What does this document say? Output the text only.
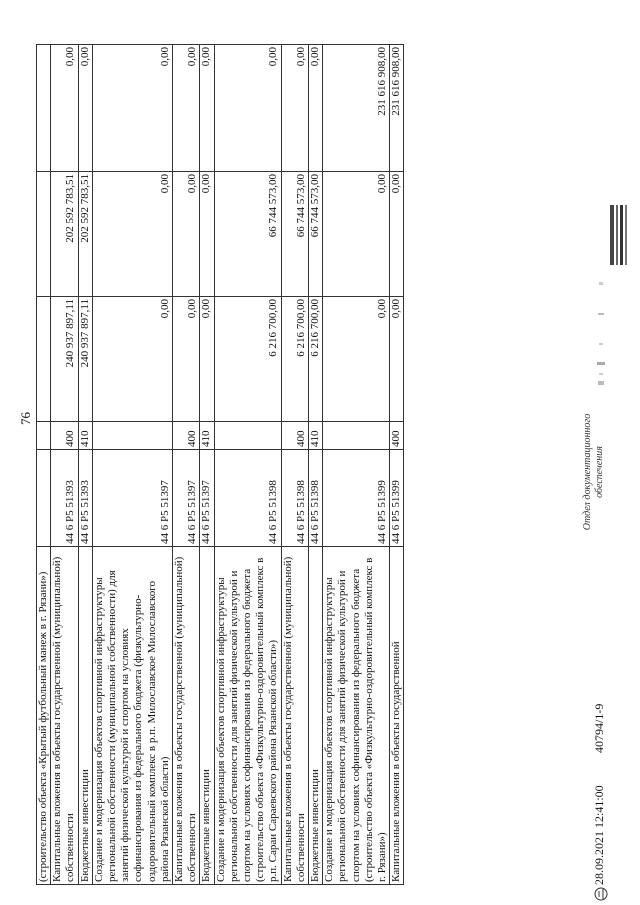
76
(строительство объекта «Крытый футбольный манеж в г. Рязани»)					
Капитальные вложения в объекты государственной (муниципальной) собственности	44 6 P5 51393	400	240 937 897,11	202 592 783,51	0,00
Бюджетные инвестиции	44 6 P5 51393	410	240 937 897,11	202 592 783,51	0,00
Создание и модернизация объектов спортивной инфраструктуры региональной собственности (муниципальной собственности) для занятий физической культурой и спортом на условиях софинансирования из федерального бюджета (физкультурно-оздоровительный комплекс в р.п. Милославское Милославского района Рязанской области)	44 6 P5 51397		0,00	0,00	0,00
Капитальные вложения в объекты государственной (муниципальной) собственности	44 6 P5 51397	400	0,00	0,00	0,00
Бюджетные инвестиции	44 6 P5 51397	410	0,00	0,00	0,00
Создание и модернизация объектов спортивной инфраструктуры региональной собственности для занятий физической культурой и спортом на условиях софинансирования из федерального бюджета (строительство объекта «Физкультурно-оздоровительный комплекс в р.п. Сараи Сараевского района Рязанской области»)	44 6 P5 51398		6 216 700,00	66 744 573,00	0,00
Капитальные вложения в объекты государственной (муниципальной) собственности	44 6 P5 51398	400	6 216 700,00	66 744 573,00	0,00
Бюджетные инвестиции	44 6 P5 51398	410	6 216 700,00	66 744 573,00	0,00
Создание и модернизация объектов спортивной инфраструктуры региональной собственности для занятий физической культурой и спортом на условиях софинансирования из федерального бюджета (строительство объекта «Физкультурно-оздоровительный комплекс в г. Рязани»)	44 6 P5 51399		0,00	0,00	231 616 908,00
Капитальные вложения в объекты государственной	44 6 P5 51399	400	0,00	0,00	231 616 908,00
28.09.2021 12:41:00
40794/1-9
Отдел документационного обеспечения
